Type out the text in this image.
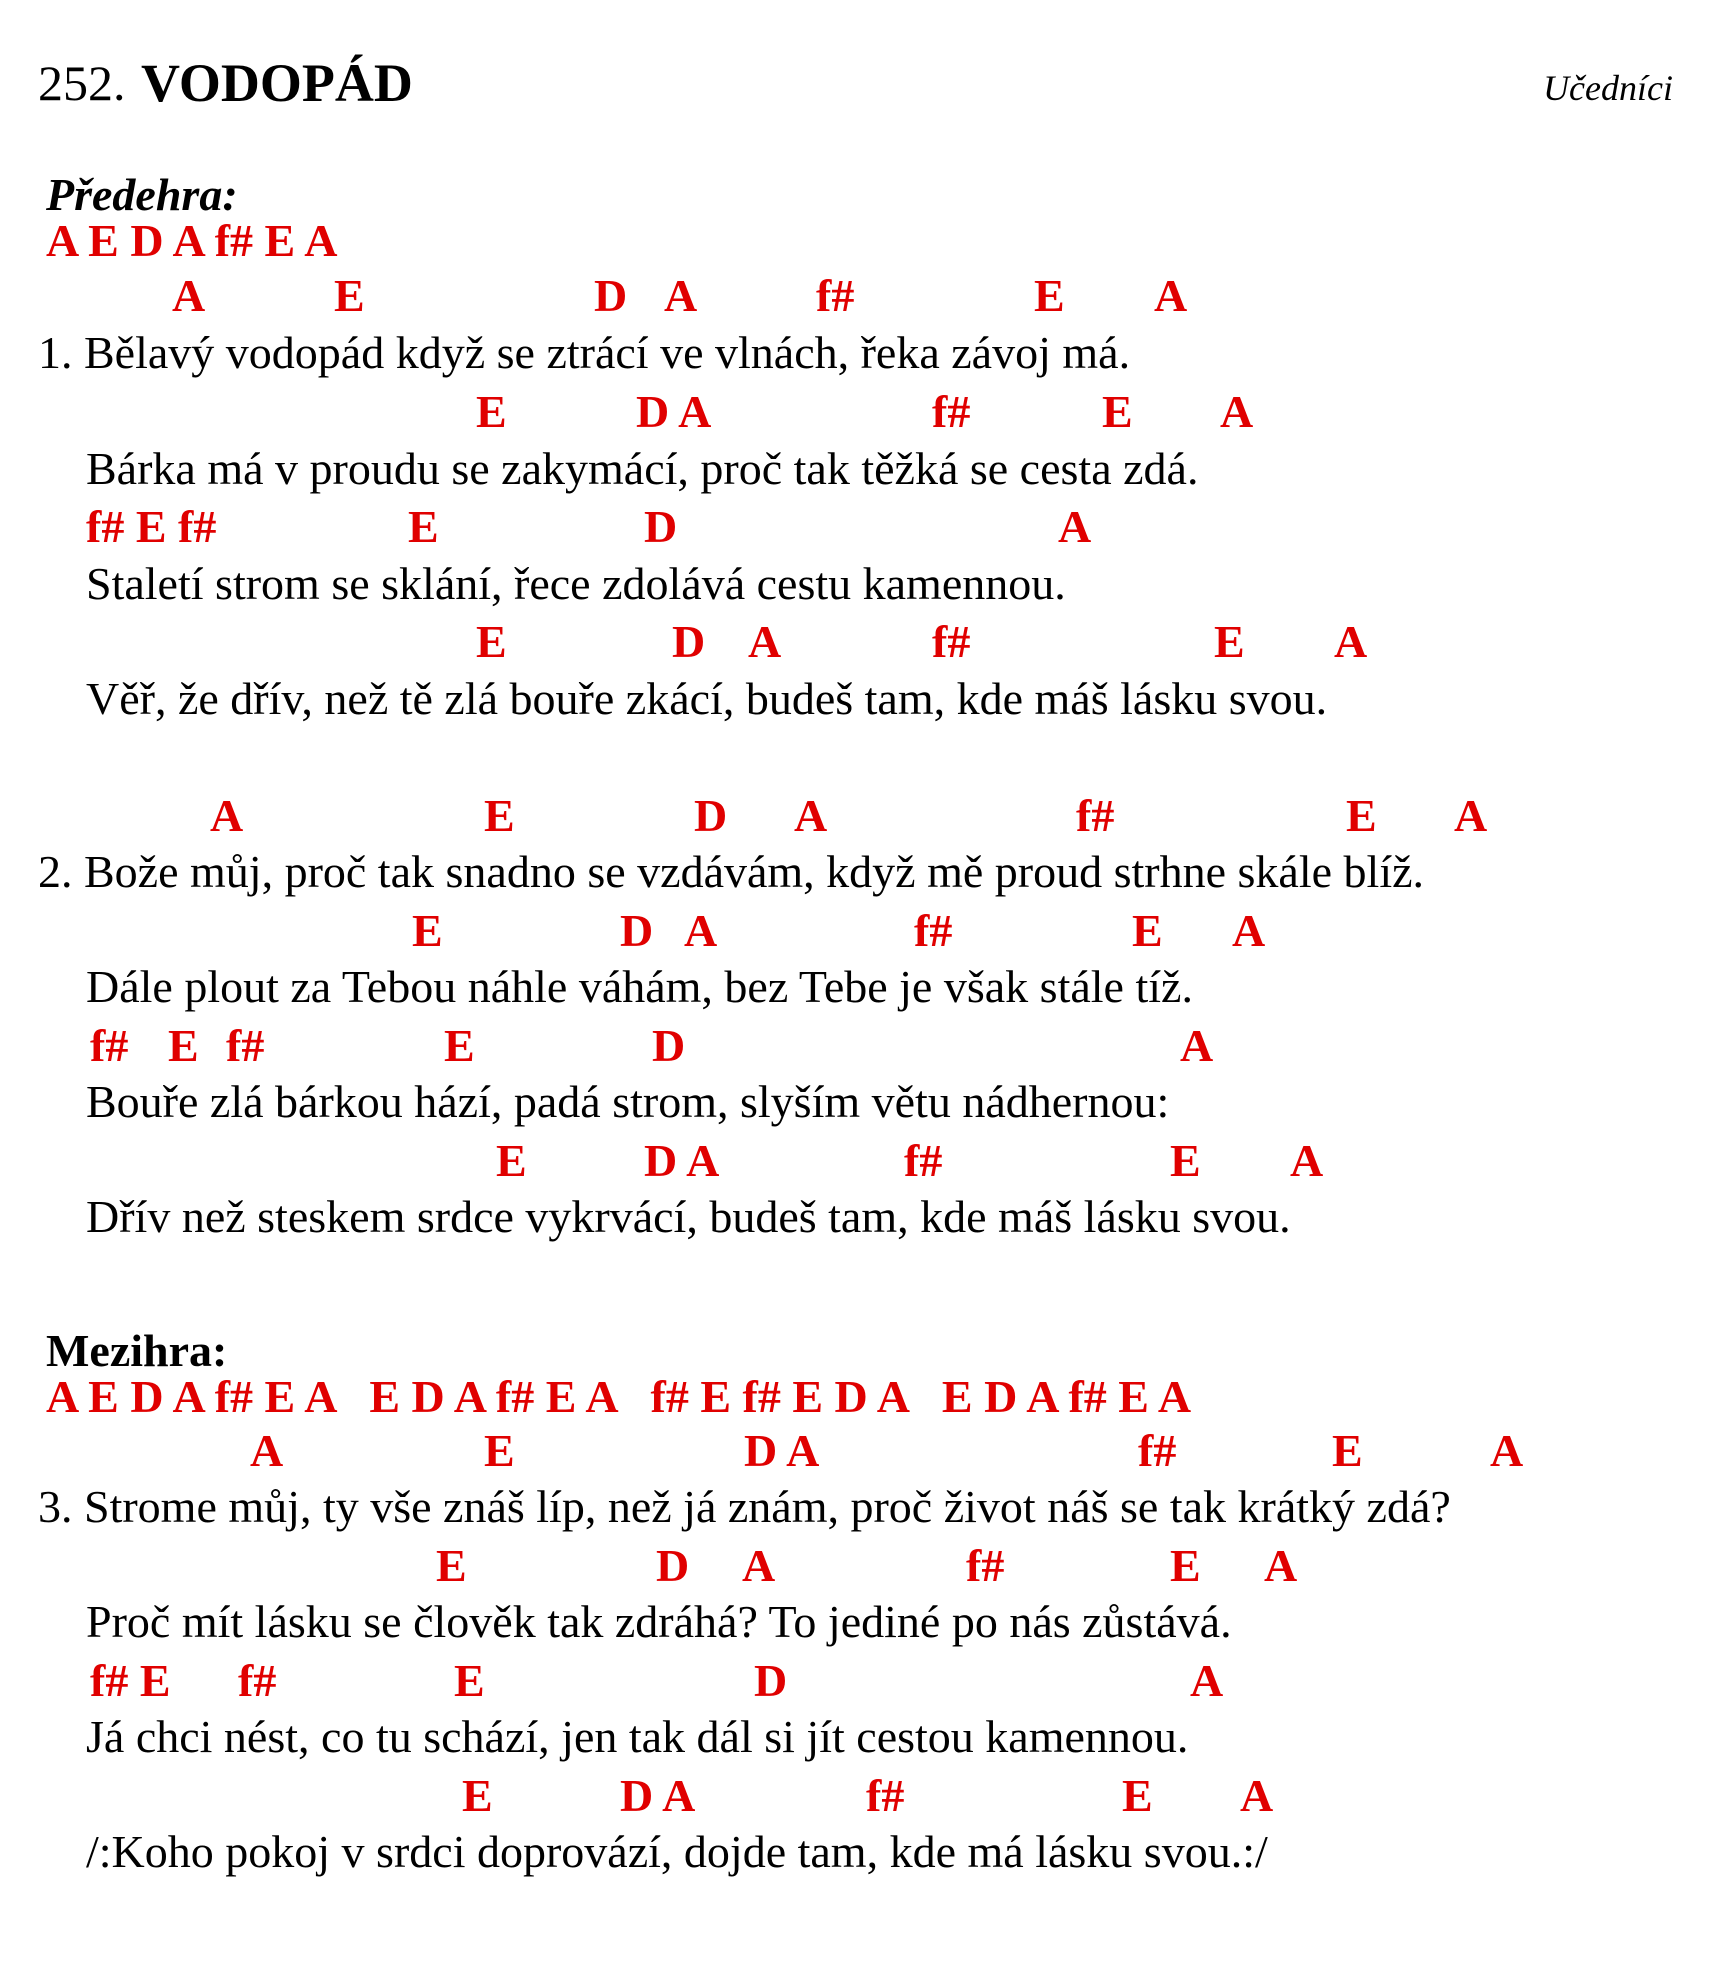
252. VODOPÁD	Učedníci

Předehra:
A E D A f# E A

A	E	D A	f#	E A
1. Bělavý vodopád když se ztrácí ve vlnách, řeka závoj má.
E	D A	f#	E A
Bárka má v proudu se zakymácí, proč tak těžká se cesta zdá.
f# E f#	E	D	A
Staletí strom se sklání, řece zdolává cestu kamennou.
E	D A	f#	E A
Věř, že dřív, než tě zlá bouře zkácí, budeš tam, kde máš lásku svou.
A	E	D A	f#	E A
2. Bože můj, proč tak snadno se vzdávám, když mě proud strhne skále blíž.
E	D A	f#	E A
Dále plout za Tebou náhle váhám, bez Tebe je však stále tíž.
f# E f#	E	D	A
Bouře zlá bárkou hází, padá strom, slyším větu nádhernou:
E	D A	f#	E A
Dřív než steskem srdce vykrvácí, budeš tam, kde máš lásku svou.

Mezihra:
A E D A f# E A   E D A f# E A   f# E f# E D A   E D A f# E A

A	E	D A	f#	E	A
3. Strome můj, ty vše znáš líp, než já znám, proč život náš se tak krátký zdá?
E	D A	f#	E A
Proč mít lásku se člověk tak zdráhá? To jediné po nás zůstává.
f# E f#	E	D	A
Já chci nést, co tu schází, jen tak dál si jít cestou kamennou.
E	D A	f#	E A
/:Koho pokoj v srdci doprovází, dojde tam, kde má lásku svou.:/
